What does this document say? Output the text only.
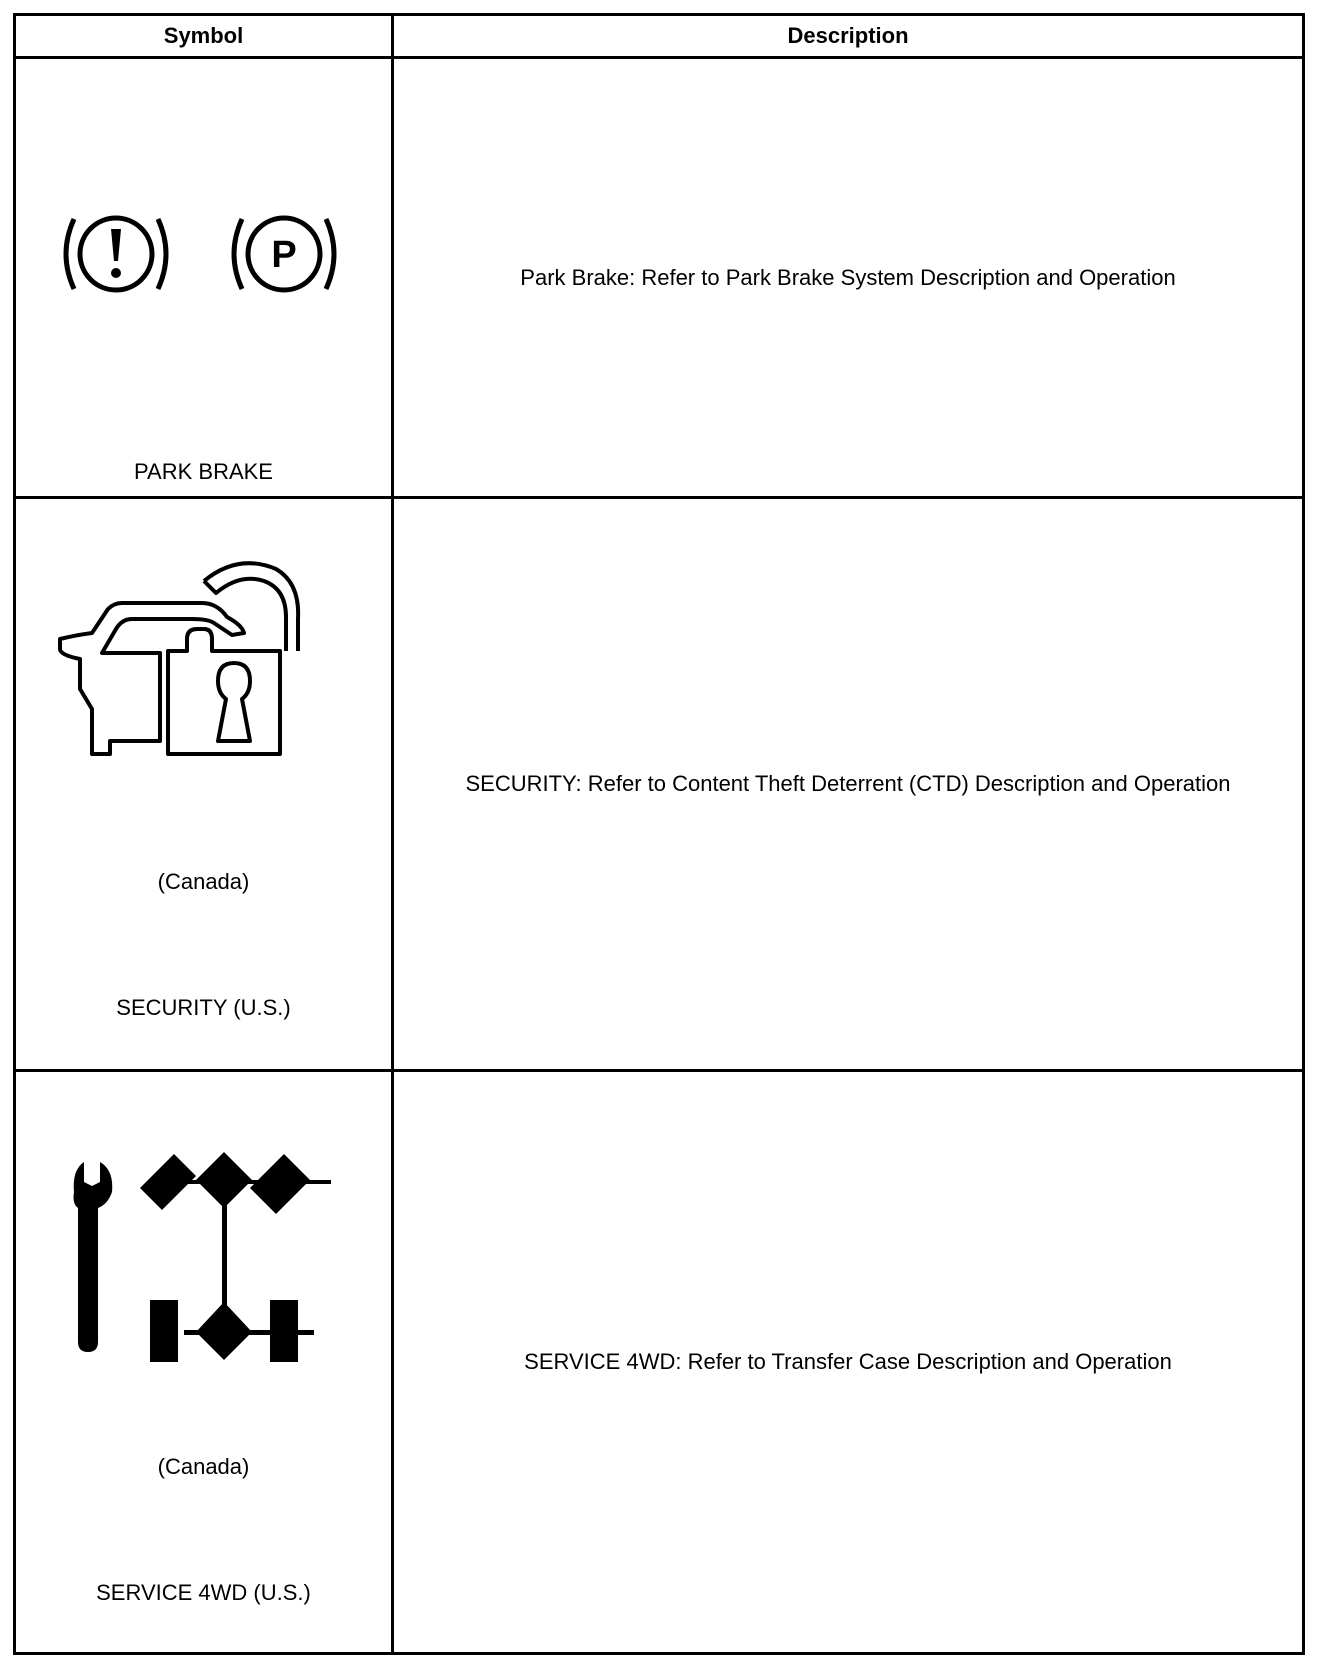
Symbol	Description
P
PARK BRAKE
Park Brake: Refer to Park Brake System Description and Operation
(Canada)
SECURITY (U.S.)
SECURITY: Refer to Content Theft Deterrent (CTD) Description and Operation
(Canada)
SERVICE 4WD (U.S.)
SERVICE 4WD: Refer to Transfer Case Description and Operation
